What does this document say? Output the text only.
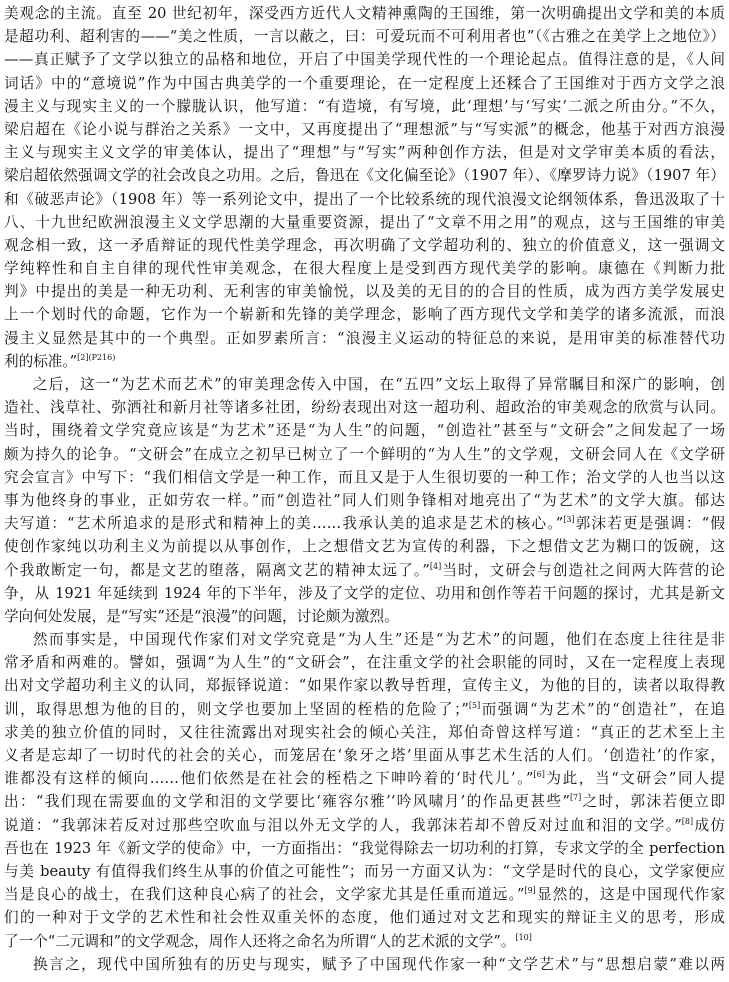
美观念的主流。直至 20 世纪初年，深受西方近代人文精神熏陶的王国维，第一次明确提出文学和美的本质
是超功利、超利害的——“美之性质，一言以蔽之，曰：可爱玩而不可利用者也”（《古雅之在美学上之地位》）
——真正赋予了文学以独立的品格和地位，开启了中国美学现代性的一个理论起点。值得注意的是，《人间
词话》中的“意境说”作为中国古典美学的一个重要理论，在一定程度上还糅合了王国维对于西方文学之浪
漫主义与现实主义的一个朦胧认识，他写道：“有造境，有写境，此‘理想’与‘写实’二派之所由分。”不久，
梁启超在《论小说与群治之关系》一文中，又再度提出了“理想派”与“写实派”的概念，他基于对西方浪漫
主义与现实主义文学的审美体认，提出了“理想”与“写实”两种创作方法，但是对文学审美本质的看法，
梁启超依然强调文学的社会改良之功用。之后，鲁迅在《文化偏至论》（1907 年）、《摩罗诗力说》（1907 年）
和《破恶声论》（1908 年）等一系列论文中，提出了一个比较系统的现代浪漫文论纲领体系，鲁迅汲取了十
八、十九世纪欧洲浪漫主义文学思潮的大量重要资源，提出了“文章不用之用”的观点，这与王国维的审美
观念相一致，这一矛盾辩证的现代性美学理念，再次明确了文学超功利的、独立的价值意义，这一强调文
学纯粹性和自主自律的现代性审美观念，在很大程度上是受到西方现代美学的影响。康德在《判断力批
判》中提出的美是一种无功利、无利害的审美愉悦，以及美的无目的的合目的性质，成为西方美学发展史
上一个划时代的命题，它作为一个崭新和先锋的美学理念，影响了西方现代文学和美学的诸多流派，而浪
漫主义显然是其中的一个典型。正如罗素所言：“浪漫主义运动的特征总的来说，是用审美的标准替代功
利的标准。”$^{[2](P216)}$
之后，这一“为艺术而艺术”的审美理念传入中国，在“五四”文坛上取得了异常瞩目和深广的影响，创
造社、浅草社、弥洒社和新月社等诸多社团，纷纷表现出对这一超功利、超政治的审美观念的欣赏与认同。
当时，围绕着文学究竟应该是“为艺术”还是“为人生”的问题，“创造社”甚至与“文研会”之间发起了一场
颇为持久的论争。“文研会”在成立之初早已树立了一个鲜明的“为人生”的文学观，文研会同人在《文学研
究会宣言》中写下：“我们相信文学是一种工作，而且又是于人生很切要的一种工作；治文学的人也当以这
事为他终身的事业，正如劳农一样。”而“创造社”同人们则争锋相对地亮出了“为艺术”的文学大旗。郁达
夫写道：“艺术所追求的是形式和精神上的美……我承认美的追求是艺术的核心。”[3]郭沫若更是强调：“假
使创作家纯以功利主义为前提以从事创作，上之想借文艺为宣传的利器，下之想借文艺为糊口的饭碗，这
个我敢断定一句，都是文艺的堕落，隔离文艺的精神太远了。”[4]当时，文研会与创造社之间两大阵营的论
争，从 1921 年延续到 1924 年的下半年，涉及了文学的定位、功用和创作等若干问题的探讨，尤其是新文
学向何处发展，是“写实”还是“浪漫”的问题，讨论颇为激烈。
然而事实是，中国现代作家们对文学究竟是“为人生”还是“为艺术”的问题，他们在态度上往往是非
常矛盾和两难的。譬如，强调“为人生”的“文研会”，在注重文学的社会职能的同时，又在一定程度上表现
出对文学超功利主义的认同，郑振铎说道：“如果作家以教导哲理，宣传主义，为他的目的，读者以取得教
训，取得思想为他的目的，则文学也要加上坚固的桎梏的危险了；”[5]而强调“为艺术”的“创造社”，在追
求美的独立价值的同时，又往往流露出对现实社会的倾心关注，郑伯奇曾这样写道：“真正的艺术至上主
义者是忘却了一切时代的社会的关心，而笼居在‘象牙之塔’里面从事艺术生活的人们。‘创造社’的作家，
谁都没有这样的倾向……他们依然是在社会的桎梏之下呻吟着的‘时代儿’。”[6]为此，当“文研会”同人提
出：“我们现在需要血的文学和泪的文学要比‘雍容尔雅’‘吟风啸月’的作品更甚些”[7]之时，郭沫若便立即
说道：“我郭沫若反对过那些空吹血与泪以外无文学的人，我郭沫若却不曾反对过血和泪的文学。”[8]成仿
吾也在 1923 年《新文学的使命》中，一方面指出：“我觉得除去一切功利的打算，专求文学的全 perfection
与美 beauty 有值得我们终生从事的价值之可能性”；而另一方面又认为：“文学是时代的良心，文学家便应
当是良心的战士，在我们这种良心病了的社会，文学家尤其是任重而道远。”[9]显然的，这是中国现代作家
们的一种对于文学的艺术性和社会性双重关怀的态度，他们通过对文艺和现实的辩证主义的思考，形成
了一个“二元调和”的文学观念，周作人还将之命名为所谓“人的艺术派的文学”。[10]
换言之，现代中国所独有的历史与现实，赋予了中国现代作家一种“文学艺术”与“思想启蒙”难以两
